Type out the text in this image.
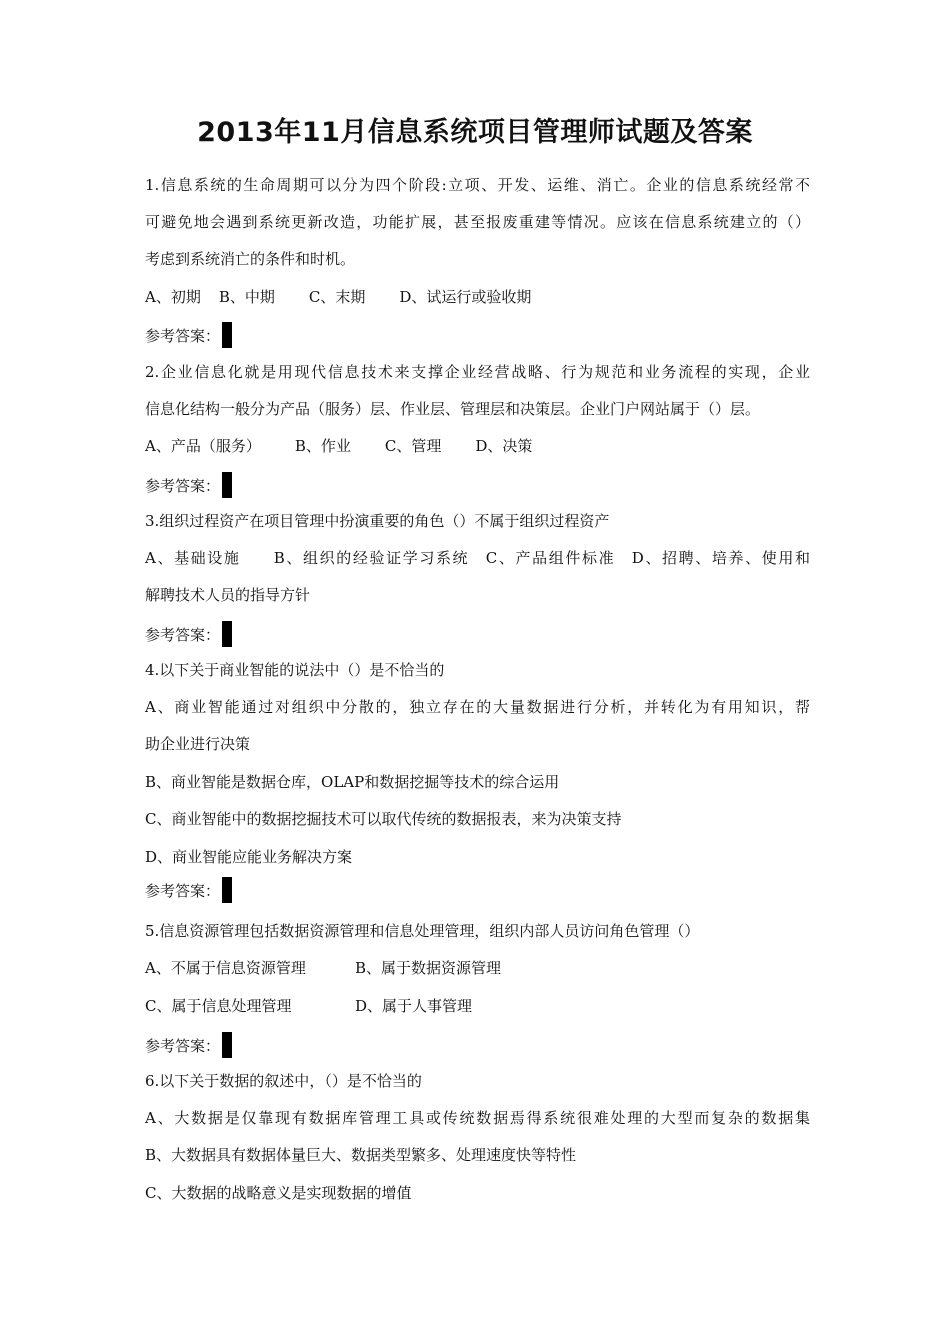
2013年11月信息系统项目管理师试题及答案
1.信息系统的生命周期可以分为四个阶段:立项、开发、运维、消亡。企业的信息系统经常不
可避免地会遇到系统更新改造，功能扩展，甚至报废重建等情况。应该在信息系统建立的（）
考虑到系统消亡的条件和时机。
A、初期 B、中期 C、末期 D、试运行或验收期
参考答案：
2.企业信息化就是用现代信息技术来支撑企业经营战略、行为规范和业务流程的实现，企业
信息化结构一般分为产品（服务）层、作业层、管理层和决策层。企业门户网站属于（）层。
A、产品（服务） B、作业 C、管理 D、决策
参考答案：
3.组织过程资产在项目管理中扮演重要的角色（）不属于组织过程资产
A、基础设施　　B、组织的经验证学习系统　C、产品组件标准　D、招聘、培养、使用和
解聘技术人员的指导方针
参考答案：
4.以下关于商业智能的说法中（）是不恰当的
A、商业智能通过对组织中分散的，独立存在的大量数据进行分析，并转化为有用知识，帮
助企业进行决策
B、商业智能是数据仓库，OLAP和数据挖掘等技术的综合运用
C、商业智能中的数据挖掘技术可以取代传统的数据报表，来为决策支持
D、商业智能应能业务解决方案
参考答案：
5.信息资源管理包括数据资源管理和信息处理管理，组织内部人员访问角色管理（）
A、不属于信息资源管理	B、属于数据资源管理
C、属于信息处理管理	D、属于人事管理
参考答案：
6.以下关于数据的叙述中，（）是不恰当的
A、大数据是仅靠现有数据库管理工具或传统数据焉得系统很难处理的大型而复杂的数据集
B、大数据具有数据体量巨大、数据类型繁多、处理速度快等特性
C、大数据的战略意义是实现数据的增值
